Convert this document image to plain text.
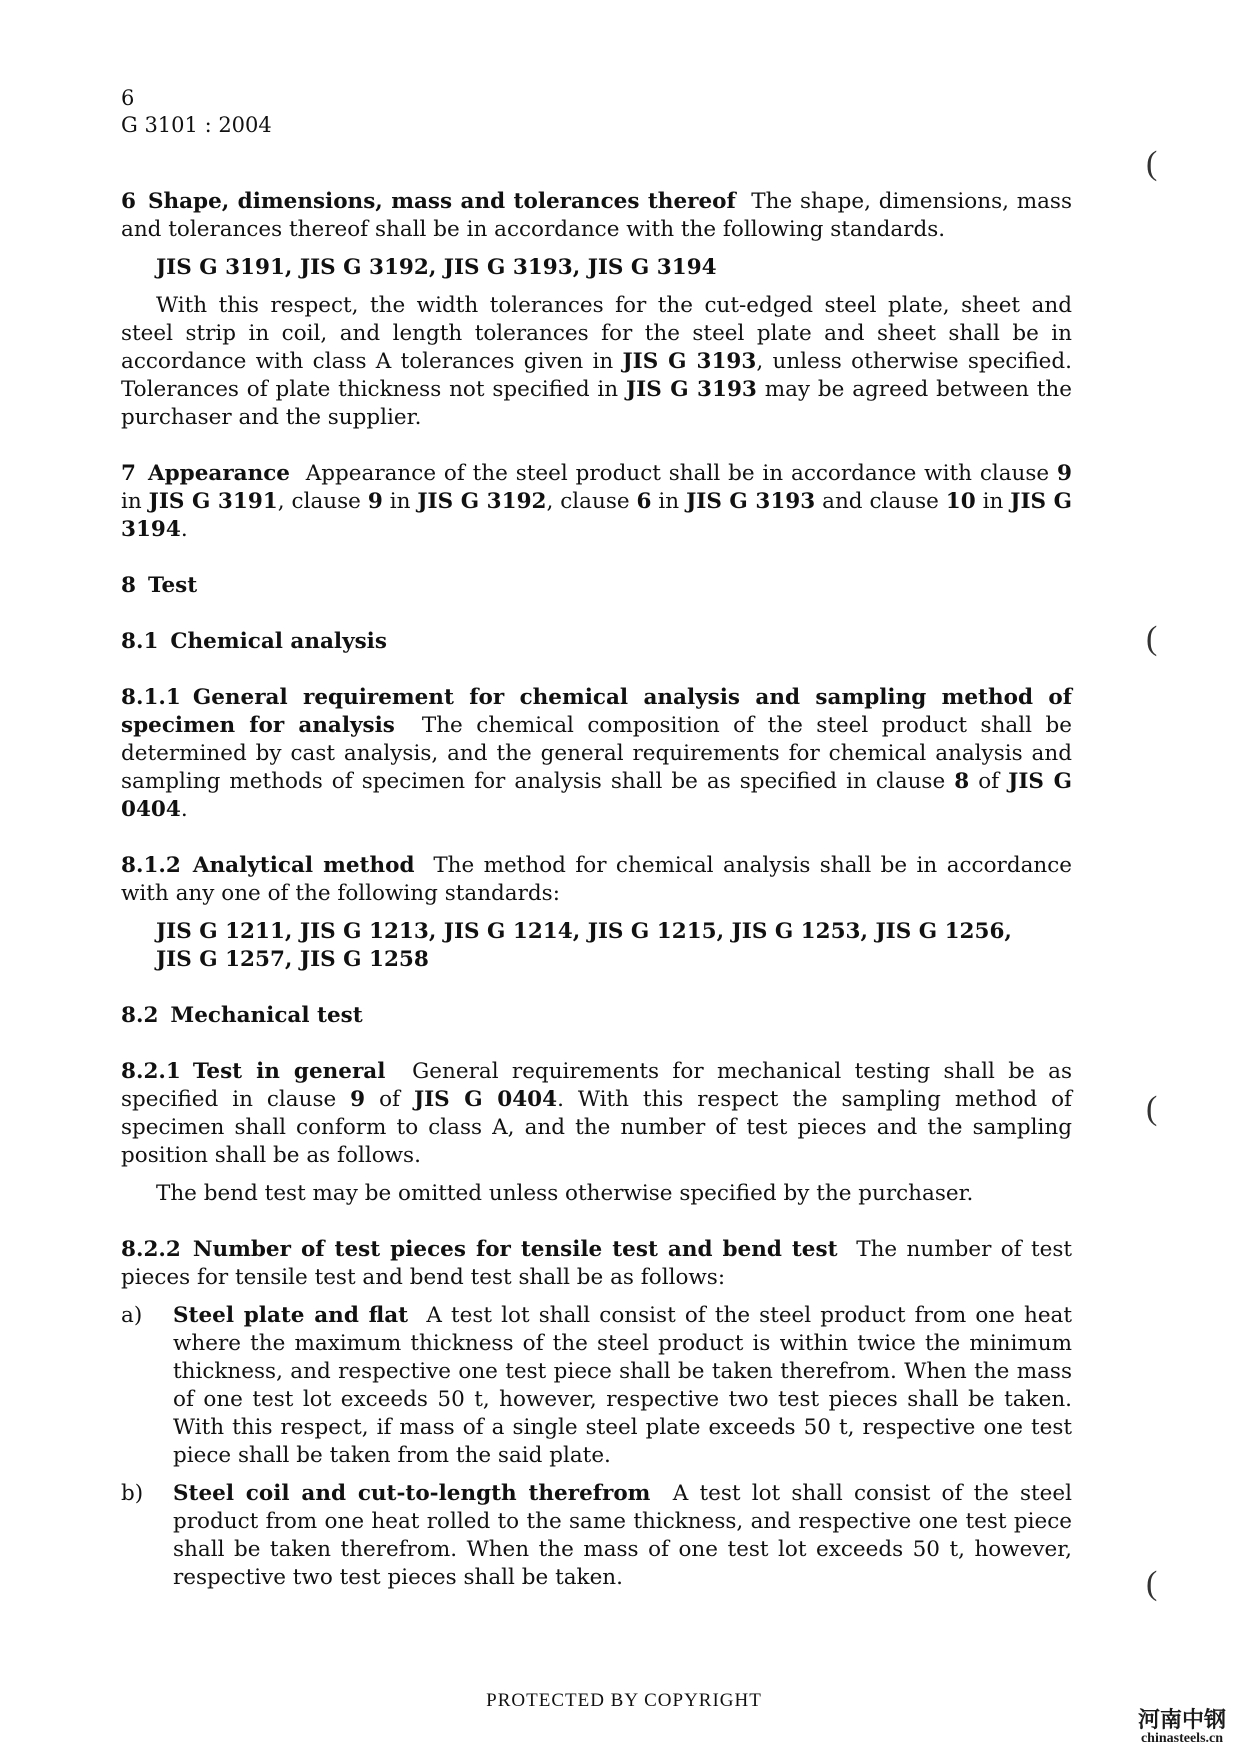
6
G 3101 : 2004

6 Shape, dimensions, mass and tolerances thereof The shape, dimensions, mass and tolerances thereof shall be in accordance with the following standards.

JIS G 3191, JIS G 3192, JIS G 3193, JIS G 3194

With this respect, the width tolerances for the cut-edged steel plate, sheet and steel strip in coil, and length tolerances for the steel plate and sheet shall be in accordance with class A tolerances given in JIS G 3193, unless otherwise specified. Tolerances of plate thickness not specified in JIS G 3193 may be agreed between the purchaser and the supplier.

7 Appearance Appearance of the steel product shall be in accordance with clause 9 in JIS G 3191, clause 9 in JIS G 3192, clause 6 in JIS G 3193 and clause 10 in JIS G 3194.

8 Test

8.1 Chemical analysis

8.1.1 General requirement for chemical analysis and sampling method of specimen for analysis The chemical composition of the steel product shall be determined by cast analysis, and the general requirements for chemical analysis and sampling methods of specimen for analysis shall be as specified in clause 8 of JIS G 0404.

8.1.2 Analytical method The method for chemical analysis shall be in accordance with any one of the following standards:

JIS G 1211, JIS G 1213, JIS G 1214, JIS G 1215, JIS G 1253, JIS G 1256,

JIS G 1257, JIS G 1258

8.2 Mechanical test

8.2.1 Test in general General requirements for mechanical testing shall be as specified in clause 9 of JIS G 0404. With this respect the sampling method of specimen shall conform to class A, and the number of test pieces and the sampling position shall be as follows.

The bend test may be omitted unless otherwise specified by the purchaser.

8.2.2 Number of test pieces for tensile test and bend test The number of test pieces for tensile test and bend test shall be as follows:

a)	Steel plate and flat A test lot shall consist of the steel product from one heat where the maximum thickness of the steel product is within twice the minimum thickness, and respective one test piece shall be taken therefrom. When the mass of one test lot exceeds 50 t, however, respective two test pieces shall be taken. With this respect, if mass of a single steel plate exceeds 50 t, respective one test piece shall be taken from the said plate.
b)	Steel coil and cut-to-length therefrom A test lot shall consist of the steel product from one heat rolled to the same thickness, and respective one test piece shall be taken therefrom. When the mass of one test lot exceeds 50 t, however, respective two test pieces shall be taken.
(
(
(
(
PROTECTED BY COPYRIGHT
河南中钢
chinasteels.cn
